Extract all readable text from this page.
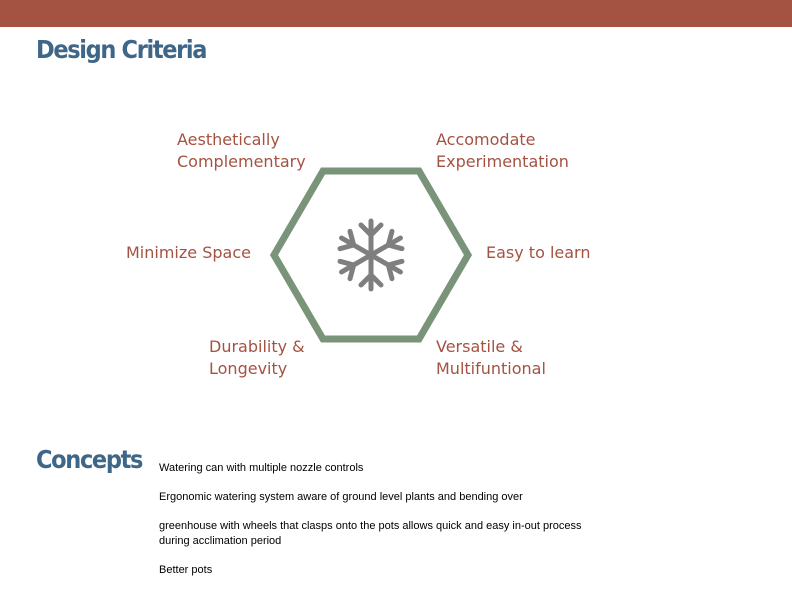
Design Criteria
Aesthetically
Complementary
Accomodate
Experimentation
Minimize Space	Easy to learn
Durability &
Longevity
Versatile &
Multifuntional
Concepts Watering can with multiple nozzle controls
Ergonomic watering system aware of ground level plants and bending over
greenhouse with wheels that clasps onto the pots allows quick and easy in-out process during acclimation period
Better pots
